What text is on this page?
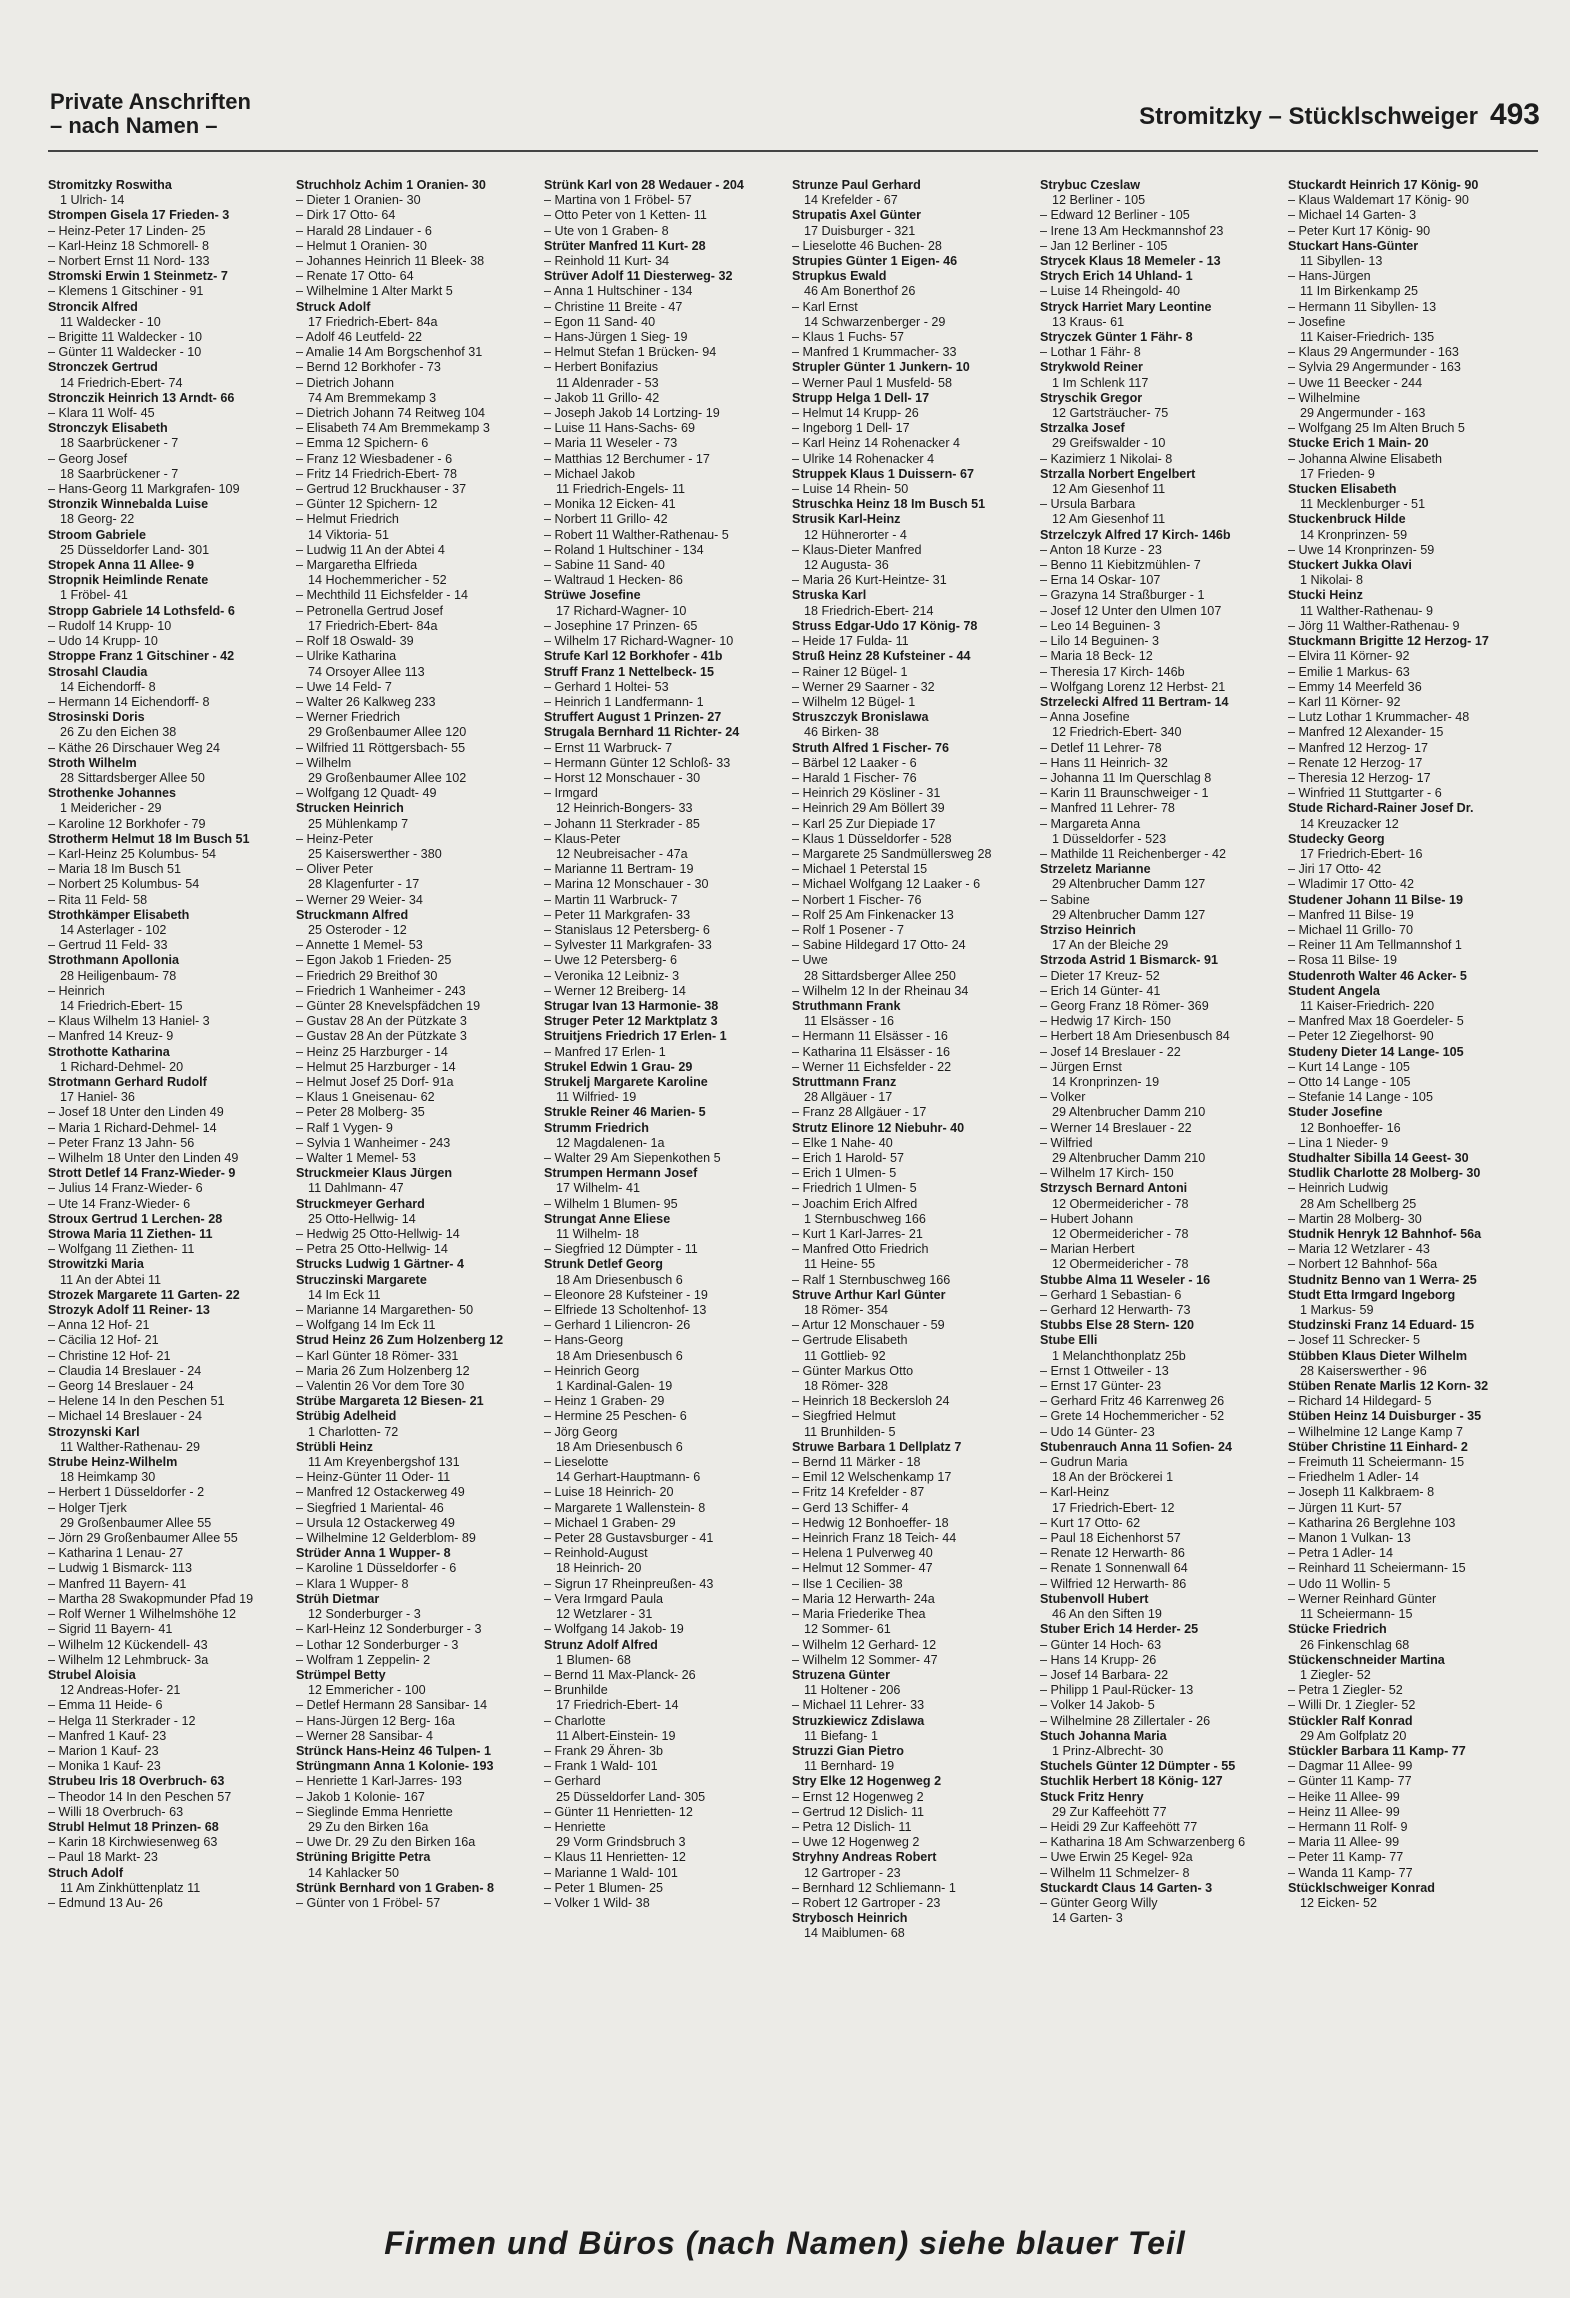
Private Anschriften
– nach Namen –	Stromitzky – Stücklschweiger 493
Stromitzky Roswitha
1 Ulrich- 14
Strompen Gisela 17 Frieden- 3
– Heinz-Peter 17 Linden- 25
– Karl-Heinz 18 Schmorell- 8
– Norbert Ernst 11 Nord- 133
Stromski Erwin 1 Steinmetz- 7
– Klemens 1 Gitschiner - 91
Stroncik Alfred
11 Waldecker - 10
– Brigitte 11 Waldecker - 10
– Günter 11 Waldecker - 10
Stronczek Gertrud
14 Friedrich-Ebert- 74
Stronczik Heinrich 13 Arndt- 66
– Klara 11 Wolf- 45
Stronczyk Elisabeth
18 Saarbrückener - 7
– Georg Josef
18 Saarbrückener - 7
– Hans-Georg 11 Markgrafen- 109
Stronzik Winnebalda Luise
18 Georg- 22
Stroom Gabriele
25 Düsseldorfer Land- 301
Stropek Anna 11 Allee- 9
Stropnik Heimlinde Renate
1 Fröbel- 41
Stropp Gabriele 14 Lothsfeld- 6
– Rudolf 14 Krupp- 10
– Udo 14 Krupp- 10
Stroppe Franz 1 Gitschiner - 42
Strosahl Claudia
14 Eichendorff- 8
– Hermann 14 Eichendorff- 8
Strosinski Doris
26 Zu den Eichen 38
– Käthe 26 Dirschauer Weg 24
Stroth Wilhelm
28 Sittardsberger Allee 50
Strothenke Johannes
1 Meidericher - 29
– Karoline 12 Borkhofer - 79
Strotherm Helmut 18 Im Busch 51
– Karl-Heinz 25 Kolumbus- 54
– Maria 18 Im Busch 51
– Norbert 25 Kolumbus- 54
– Rita 11 Feld- 58
Strothkämper Elisabeth
14 Asterlager - 102
– Gertrud 11 Feld- 33
Strothmann Apollonia
28 Heiligenbaum- 78
– Heinrich
14 Friedrich-Ebert- 15
– Klaus Wilhelm 13 Haniel- 3
– Manfred 14 Kreuz- 9
Strothotte Katharina
1 Richard-Dehmel- 20
Strotmann Gerhard Rudolf
17 Haniel- 36
– Josef 18 Unter den Linden 49
– Maria 1 Richard-Dehmel- 14
– Peter Franz 13 Jahn- 56
– Wilhelm 18 Unter den Linden 49
Strott Detlef 14 Franz-Wieder- 9
– Julius 14 Franz-Wieder- 6
– Ute 14 Franz-Wieder- 6
Stroux Gertrud 1 Lerchen- 28
Strowa Maria 11 Ziethen- 11
– Wolfgang 11 Ziethen- 11
Strowitzki Maria
11 An der Abtei 11
Strozek Margarete 11 Garten- 22
Strozyk Adolf 11 Reiner- 13
– Anna 12 Hof- 21
– Cäcilia 12 Hof- 21
– Christine 12 Hof- 21
– Claudia 14 Breslauer - 24
– Georg 14 Breslauer - 24
– Helene 14 In den Peschen 51
– Michael 14 Breslauer - 24
Strozynski Karl
11 Walther-Rathenau- 29
Strube Heinz-Wilhelm
18 Heimkamp 30
– Herbert 1 Düsseldorfer - 2
– Holger Tjerk
29 Großenbaumer Allee 55
– Jörn 29 Großenbaumer Allee 55
– Katharina 1 Lenau- 27
– Ludwig 1 Bismarck- 113
– Manfred 11 Bayern- 41
– Martha 28 Swakopmunder Pfad 19
– Rolf Werner 1 Wilhelmshöhe 12
– Sigrid 11 Bayern- 41
– Wilhelm 12 Kückendell- 43
– Wilhelm 12 Lehmbruck- 3a
Strubel Aloisia
12 Andreas-Hofer- 21
– Emma 11 Heide- 6
– Helga 11 Sterkrader - 12
– Manfred 1 Kauf- 23
– Marion 1 Kauf- 23
– Monika 1 Kauf- 23
Strubeu Iris 18 Overbruch- 63
– Theodor 14 In den Peschen 57
– Willi 18 Overbruch- 63
Strubl Helmut 18 Prinzen- 68
– Karin 18 Kirchwiesenweg 63
– Paul 18 Markt- 23
Struch Adolf
11 Am Zinkhüttenplatz 11
– Edmund 13 Au- 26
Struchholz Achim 1 Oranien- 30
– Dieter 1 Oranien- 30
– Dirk 17 Otto- 64
– Harald 28 Lindauer - 6
– Helmut 1 Oranien- 30
– Johannes Heinrich 11 Bleek- 38
– Renate 17 Otto- 64
– Wilhelmine 1 Alter Markt 5
Struck Adolf
17 Friedrich-Ebert- 84a
– Adolf 46 Leutfeld- 22
– Amalie 14 Am Borgschenhof 31
– Bernd 12 Borkhofer - 73
– Dietrich Johann
74 Am Bremmekamp 3
– Dietrich Johann 74 Reitweg 104
– Elisabeth 74 Am Bremmekamp 3
– Emma 12 Spichern- 6
– Franz 12 Wiesbadener - 6
– Fritz 14 Friedrich-Ebert- 78
– Gertrud 12 Bruckhauser - 37
– Günter 12 Spichern- 12
– Helmut Friedrich
14 Viktoria- 51
– Ludwig 11 An der Abtei 4
– Margaretha Elfrieda
14 Hochemmericher - 52
– Mechthild 11 Eichsfelder - 14
– Petronella Gertrud Josef
17 Friedrich-Ebert- 84a
– Rolf 18 Oswald- 39
– Ulrike Katharina
74 Orsoyer Allee 113
– Uwe 14 Feld- 7
– Walter 26 Kalkweg 233
– Werner Friedrich
29 Großenbaumer Allee 120
– Wilfried 11 Röttgersbach- 55
– Wilhelm
29 Großenbaumer Allee 102
– Wolfgang 12 Quadt- 49
Strucken Heinrich
25 Mühlenkamp 7
– Heinz-Peter
25 Kaiserswerther - 380
– Oliver Peter
28 Klagenfurter - 17
– Werner 29 Weier- 34
Struckmann Alfred
25 Osteroder - 12
– Annette 1 Memel- 53
– Egon Jakob 1 Frieden- 25
– Friedrich 29 Breithof 30
– Friedrich 1 Wanheimer - 243
– Günter 28 Knevelspfädchen 19
– Gustav 28 An der Pützkate 3
– Gustav 28 An der Pützkate 3
– Heinz 25 Harzburger - 14
– Helmut 25 Harzburger - 14
– Helmut Josef 25 Dorf- 91a
– Klaus 1 Gneisenau- 62
– Peter 28 Molberg- 35
– Ralf 1 Vygen- 9
– Sylvia 1 Wanheimer - 243
– Walter 1 Memel- 53
Struckmeier Klaus Jürgen
11 Dahlmann- 47
Struckmeyer Gerhard
25 Otto-Hellwig- 14
– Hedwig 25 Otto-Hellwig- 14
– Petra 25 Otto-Hellwig- 14
Strucks Ludwig 1 Gärtner- 4
Struczinski Margarete
14 Im Eck 11
– Marianne 14 Margarethen- 50
– Wolfgang 14 Im Eck 11
Strud Heinz 26 Zum Holzenberg 12
– Karl Günter 18 Römer- 331
– Maria 26 Zum Holzenberg 12
– Valentin 26 Vor dem Tore 30
Strübe Margareta 12 Biesen- 21
Strübig Adelheid
1 Charlotten- 72
Strübli Heinz
11 Am Kreyenbergshof 131
– Heinz-Günter 11 Oder- 11
– Manfred 12 Ostackerweg 49
– Siegfried 1 Mariental- 46
– Ursula 12 Ostackerweg 49
– Wilhelmine 12 Gelderblom- 89
Strüder Anna 1 Wupper- 8
– Karoline 1 Düsseldorfer - 6
– Klara 1 Wupper- 8
Strüh Dietmar
12 Sonderburger - 3
– Karl-Heinz 12 Sonderburger - 3
– Lothar 12 Sonderburger - 3
– Wolfram 1 Zeppelin- 2
Strümpel Betty
12 Emmericher - 100
– Detlef Hermann 28 Sansibar- 14
– Hans-Jürgen 12 Berg- 16a
– Werner 28 Sansibar- 4
Strünck Hans-Heinz 46 Tulpen- 1
Strüngmann Anna 1 Kolonie- 193
– Henriette 1 Karl-Jarres- 193
– Jakob 1 Kolonie- 167
– Sieglinde Emma Henriette
29 Zu den Birken 16a
– Uwe Dr. 29 Zu den Birken 16a
Strüning Brigitte Petra
14 Kahlacker 50
Strünk Bernhard von 1 Graben- 8
– Günter von 1 Fröbel- 57
Strünk Karl von 28 Wedauer - 204
– Martina von 1 Fröbel- 57
– Otto Peter von 1 Ketten- 11
– Ute von 1 Graben- 8
Strüter Manfred 11 Kurt- 28
– Reinhold 11 Kurt- 34
Strüver Adolf 11 Diesterweg- 32
– Anna 1 Hultschiner - 134
– Christine 11 Breite - 47
– Egon 11 Sand- 40
– Hans-Jürgen 1 Sieg- 19
– Helmut Stefan 1 Brücken- 94
– Herbert Bonifazius
11 Aldenrader - 53
– Jakob 11 Grillo- 42
– Joseph Jakob 14 Lortzing- 19
– Luise 11 Hans-Sachs- 69
– Maria 11 Weseler - 73
– Matthias 12 Berchumer - 17
– Michael Jakob
11 Friedrich-Engels- 11
– Monika 12 Eicken- 41
– Norbert 11 Grillo- 42
– Robert 11 Walther-Rathenau- 5
– Roland 1 Hultschiner - 134
– Sabine 11 Sand- 40
– Waltraud 1 Hecken- 86
Strüwe Josefine
17 Richard-Wagner- 10
– Josephine 17 Prinzen- 65
– Wilhelm 17 Richard-Wagner- 10
Strufe Karl 12 Borkhofer - 41b
Struff Franz 1 Nettelbeck- 15
– Gerhard 1 Holtei- 53
– Heinrich 1 Landfermann- 1
Struffert August 1 Prinzen- 27
Strugala Bernhard 11 Richter- 24
– Ernst 11 Warbruck- 7
– Hermann Günter 12 Schloß- 33
– Horst 12 Monschauer - 30
– Irmgard
12 Heinrich-Bongers- 33
– Johann 11 Sterkrader - 85
– Klaus-Peter
12 Neubreisacher - 47a
– Marianne 11 Bertram- 19
– Marina 12 Monschauer - 30
– Martin 11 Warbruck- 7
– Peter 11 Markgrafen- 33
– Stanislaus 12 Petersberg- 6
– Sylvester 11 Markgrafen- 33
– Uwe 12 Petersberg- 6
– Veronika 12 Leibniz- 3
– Werner 12 Breiberg- 14
Strugar Ivan 13 Harmonie- 38
Struger Peter 12 Marktplatz 3
Struitjens Friedrich 17 Erlen- 1
– Manfred 17 Erlen- 1
Strukel Edwin 1 Grau- 29
Strukelj Margarete Karoline
11 Wilfried- 19
Strukle Reiner 46 Marien- 5
Strumm Friedrich
12 Magdalenen- 1a
– Walter 29 Am Siepenkothen 5
Strumpen Hermann Josef
17 Wilhelm- 41
– Wilhelm 1 Blumen- 95
Strungat Anne Eliese
11 Wilhelm- 18
– Siegfried 12 Dümpter - 11
Strunk Detlef Georg
18 Am Driesenbusch 6
– Eleonore 28 Kufsteiner - 19
– Elfriede 13 Scholtenhof- 13
– Gerhard 1 Liliencron- 26
– Hans-Georg
18 Am Driesenbusch 6
– Heinrich Georg
1 Kardinal-Galen- 19
– Heinz 1 Graben- 29
– Hermine 25 Peschen- 6
– Jörg Georg
18 Am Driesenbusch 6
– Lieselotte
14 Gerhart-Hauptmann- 6
– Luise 18 Heinrich- 20
– Margarete 1 Wallenstein- 8
– Michael 1 Graben- 29
– Peter 28 Gustavsburger - 41
– Reinhold-August
18 Heinrich- 20
– Sigrun 17 Rheinpreußen- 43
– Vera Irmgard Paula
12 Wetzlarer - 31
– Wolfgang 14 Jakob- 19
Strunz Adolf Alfred
1 Blumen- 68
– Bernd 11 Max-Planck- 26
– Brunhilde
17 Friedrich-Ebert- 14
– Charlotte
11 Albert-Einstein- 19
– Frank 29 Ähren- 3b
– Frank 1 Wald- 101
– Gerhard
25 Düsseldorfer Land- 305
– Günter 11 Henrietten- 12
– Henriette
29 Vorm Grindsbruch 3
– Klaus 11 Henrietten- 12
– Marianne 1 Wald- 101
– Peter 1 Blumen- 25
– Volker 1 Wild- 38
Strunze Paul Gerhard
14 Krefelder - 67
Strupatis Axel Günter
17 Duisburger - 321
– Lieselotte 46 Buchen- 28
Strupies Günter 1 Eigen- 46
Strupkus Ewald
46 Am Bonerthof 26
– Karl Ernst
14 Schwarzenberger - 29
– Klaus 1 Fuchs- 57
– Manfred 1 Krummacher- 33
Strupler Günter 1 Junkern- 10
– Werner Paul 1 Musfeld- 58
Strupp Helga 1 Dell- 17
– Helmut 14 Krupp- 26
– Ingeborg 1 Dell- 17
– Karl Heinz 14 Rohenacker 4
– Ulrike 14 Rohenacker 4
Struppek Klaus 1 Duissern- 67
– Luise 14 Rhein- 50
Struschka Heinz 18 Im Busch 51
Strusik Karl-Heinz
12 Hühnerorter - 4
– Klaus-Dieter Manfred
12 Augusta- 36
– Maria 26 Kurt-Heintze- 31
Struska Karl
18 Friedrich-Ebert- 214
Struss Edgar-Udo 17 König- 78
– Heide 17 Fulda- 11
Struß Heinz 28 Kufsteiner - 44
– Rainer 12 Bügel- 1
– Werner 29 Saarner - 32
– Wilhelm 12 Bügel- 1
Struszczyk Bronislawa
46 Birken- 38
Struth Alfred 1 Fischer- 76
– Bärbel 12 Laaker - 6
– Harald 1 Fischer- 76
– Heinrich 29 Kösliner - 31
– Heinrich 29 Am Böllert 39
– Karl 25 Zur Diepiade 17
– Klaus 1 Düsseldorfer - 528
– Margarete 25 Sandmüllersweg 28
– Michael 1 Peterstal 15
– Michael Wolfgang 12 Laaker - 6
– Norbert 1 Fischer- 76
– Rolf 25 Am Finkenacker 13
– Rolf 1 Posener - 7
– Sabine Hildegard 17 Otto- 24
– Uwe
28 Sittardsberger Allee 250
– Wilhelm 12 In der Rheinau 34
Struthmann Frank
11 Elsässer - 16
– Hermann 11 Elsässer - 16
– Katharina 11 Elsässer - 16
– Werner 11 Eichsfelder - 22
Struttmann Franz
28 Allgäuer - 17
– Franz 28 Allgäuer - 17
Strutz Elinore 12 Niebuhr- 40
– Elke 1 Nahe- 40
– Erich 1 Harold- 57
– Erich 1 Ulmen- 5
– Friedrich 1 Ulmen- 5
– Joachim Erich Alfred
1 Sternbuschweg 166
– Kurt 1 Karl-Jarres- 21
– Manfred Otto Friedrich
11 Heine- 55
– Ralf 1 Sternbuschweg 166
Struve Arthur Karl Günter
18 Römer- 354
– Artur 12 Monschauer - 59
– Gertrude Elisabeth
11 Gottlieb- 92
– Günter Markus Otto
18 Römer- 328
– Heinrich 18 Beckersloh 24
– Siegfried Helmut
11 Brunhilden- 5
Struwe Barbara 1 Dellplatz 7
– Bernd 11 Märker - 18
– Emil 12 Welschenkamp 17
– Fritz 14 Krefelder - 87
– Gerd 13 Schiffer- 4
– Hedwig 12 Bonhoeffer- 18
– Heinrich Franz 18 Teich- 44
– Helena 1 Pulverweg 40
– Helmut 12 Sommer- 47
– Ilse 1 Cecilien- 38
– Maria 12 Herwarth- 24a
– Maria Friederike Thea
12 Sommer- 61
– Wilhelm 12 Gerhard- 12
– Wilhelm 12 Sommer- 47
Struzena Günter
11 Holtener - 206
– Michael 11 Lehrer- 33
Struzkiewicz Zdislawa
11 Biefang- 1
Struzzi Gian Pietro
11 Bernhard- 19
Stry Elke 12 Hogenweg 2
– Ernst 12 Hogenweg 2
– Gertrud 12 Dislich- 11
– Petra 12 Dislich- 11
– Uwe 12 Hogenweg 2
Stryhny Andreas Robert
12 Gartroper - 23
– Bernhard 12 Schliemann- 1
– Robert 12 Gartroper - 23
Strybosch Heinrich
14 Maiblumen- 68
Strybuc Czeslaw
12 Berliner - 105
– Edward 12 Berliner - 105
– Irene 13 Am Heckmannshof 23
– Jan 12 Berliner - 105
Strycek Klaus 18 Memeler - 13
Strych Erich 14 Uhland- 1
– Luise 14 Rheingold- 40
Stryck Harriet Mary Leontine
13 Kraus- 61
Stryczek Günter 1 Fähr- 8
– Lothar 1 Fähr- 8
Strykwold Reiner
1 Im Schlenk 117
Stryschik Gregor
12 Gartsträucher- 75
Strzalka Josef
29 Greifswalder - 10
– Kazimierz 1 Nikolai- 8
Strzalla Norbert Engelbert
12 Am Giesenhof 11
– Ursula Barbara
12 Am Giesenhof 11
Strzelczyk Alfred 17 Kirch- 146b
– Anton 18 Kurze - 23
– Benno 11 Kiebitzmühlen- 7
– Erna 14 Oskar- 107
– Grazyna 14 Straßburger - 1
– Josef 12 Unter den Ulmen 107
– Leo 14 Beguinen- 3
– Lilo 14 Beguinen- 3
– Maria 18 Beck- 12
– Theresia 17 Kirch- 146b
– Wolfgang Lorenz 12 Herbst- 21
Strzelecki Alfred 11 Bertram- 14
– Anna Josefine
12 Friedrich-Ebert- 340
– Detlef 11 Lehrer- 78
– Hans 11 Heinrich- 32
– Johanna 11 Im Querschlag 8
– Karin 11 Braunschweiger - 1
– Manfred 11 Lehrer- 78
– Margareta Anna
1 Düsseldorfer - 523
– Mathilde 11 Reichenberger - 42
Strzeletz Marianne
29 Altenbrucher Damm 127
– Sabine
29 Altenbrucher Damm 127
Strziso Heinrich
17 An der Bleiche 29
Strzoda Astrid 1 Bismarck- 91
– Dieter 17 Kreuz- 52
– Erich 14 Günter- 41
– Georg Franz 18 Römer- 369
– Hedwig 17 Kirch- 150
– Herbert 18 Am Driesenbusch 84
– Josef 14 Breslauer - 22
– Jürgen Ernst
14 Kronprinzen- 19
– Volker
29 Altenbrucher Damm 210
– Werner 14 Breslauer - 22
– Wilfried
29 Altenbrucher Damm 210
– Wilhelm 17 Kirch- 150
Strzysch Bernard Antoni
12 Obermeidericher - 78
– Hubert Johann
12 Obermeidericher - 78
– Marian Herbert
12 Obermeidericher - 78
Stubbe Alma 11 Weseler - 16
– Gerhard 1 Sebastian- 6
– Gerhard 12 Herwarth- 73
Stubbs Else 28 Stern- 120
Stube Elli
1 Melanchthonplatz 25b
– Ernst 1 Ottweiler - 13
– Ernst 17 Günter- 23
– Gerhard Fritz 46 Karrenweg 26
– Grete 14 Hochemmericher - 52
– Udo 14 Günter- 23
Stubenrauch Anna 11 Sofien- 24
– Gudrun Maria
18 An der Bröckerei 1
– Karl-Heinz
17 Friedrich-Ebert- 12
– Kurt 17 Otto- 62
– Paul 18 Eichenhorst 57
– Renate 12 Herwarth- 86
– Renate 1 Sonnenwall 64
– Wilfried 12 Herwarth- 86
Stubenvoll Hubert
46 An den Siften 19
Stuber Erich 14 Herder- 25
– Günter 14 Hoch- 63
– Hans 14 Krupp- 26
– Josef 14 Barbara- 22
– Philipp 1 Paul-Rücker- 13
– Volker 14 Jakob- 5
– Wilhelmine 28 Zillertaler - 26
Stuch Johanna Maria
1 Prinz-Albrecht- 30
Stuchels Günter 12 Dümpter - 55
Stuchlik Herbert 18 König- 127
Stuck Fritz Henry
29 Zur Kaffeehött 77
– Heidi 29 Zur Kaffeehött 77
– Katharina 18 Am Schwarzenberg 6
– Uwe Erwin 25 Kegel- 92a
– Wilhelm 11 Schmelzer- 8
Stuckardt Claus 14 Garten- 3
– Günter Georg Willy
14 Garten- 3
Stuckardt Heinrich 17 König- 90
– Klaus Waldemart 17 König- 90
– Michael 14 Garten- 3
– Peter Kurt 17 König- 90
Stuckart Hans-Günter
11 Sibyllen- 13
– Hans-Jürgen
11 Im Birkenkamp 25
– Hermann 11 Sibyllen- 13
– Josefine
11 Kaiser-Friedrich- 135
– Klaus 29 Angermunder - 163
– Sylvia 29 Angermunder - 163
– Uwe 11 Beecker - 244
– Wilhelmine
29 Angermunder - 163
– Wolfgang 25 Im Alten Bruch 5
Stucke Erich 1 Main- 20
– Johanna Alwine Elisabeth
17 Frieden- 9
Stucken Elisabeth
11 Mecklenburger - 51
Stuckenbruck Hilde
14 Kronprinzen- 59
– Uwe 14 Kronprinzen- 59
Stuckert Jukka Olavi
1 Nikolai- 8
Stucki Heinz
11 Walther-Rathenau- 9
– Jörg 11 Walther-Rathenau- 9
Stuckmann Brigitte 12 Herzog- 17
– Elvira 11 Körner- 92
– Emilie 1 Markus- 63
– Emmy 14 Meerfeld 36
– Karl 11 Körner- 92
– Lutz Lothar 1 Krummacher- 48
– Manfred 12 Alexander- 15
– Manfred 12 Herzog- 17
– Renate 12 Herzog- 17
– Theresia 12 Herzog- 17
– Winfried 11 Stuttgarter - 6
Stude Richard-Rainer Josef Dr.
14 Kreuzacker 12
Studecky Georg
17 Friedrich-Ebert- 16
– Jiri 17 Otto- 42
– Wladimir 17 Otto- 42
Studener Johann 11 Bilse- 19
– Manfred 11 Bilse- 19
– Michael 11 Grillo- 70
– Reiner 11 Am Tellmannshof 1
– Rosa 11 Bilse- 19
Studenroth Walter 46 Acker- 5
Student Angela
11 Kaiser-Friedrich- 220
– Manfred Max 18 Goerdeler- 5
– Peter 12 Ziegelhorst- 90
Studeny Dieter 14 Lange- 105
– Kurt 14 Lange - 105
– Otto 14 Lange - 105
– Stefanie 14 Lange - 105
Studer Josefine
12 Bonhoeffer- 16
– Lina 1 Nieder- 9
Studhalter Sibilla 14 Geest- 30
Studlik Charlotte 28 Molberg- 30
– Heinrich Ludwig
28 Am Schellberg 25
– Martin 28 Molberg- 30
Studnik Henryk 12 Bahnhof- 56a
– Maria 12 Wetzlarer - 43
– Norbert 12 Bahnhof- 56a
Studnitz Benno van 1 Werra- 25
Studt Etta Irmgard Ingeborg
1 Markus- 59
Studzinski Franz 14 Eduard- 15
– Josef 11 Schrecker- 5
Stübben Klaus Dieter Wilhelm
28 Kaiserswerther - 96
Stüben Renate Marlis 12 Korn- 32
– Richard 14 Hildegard- 5
Stüben Heinz 14 Duisburger - 35
– Wilhelmine 12 Lange Kamp 7
Stüber Christine 11 Einhard- 2
– Freimuth 11 Scheiermann- 15
– Friedhelm 1 Adler- 14
– Joseph 11 Kalkbraem- 8
– Jürgen 11 Kurt- 57
– Katharina 26 Berglehne 103
– Manon 1 Vulkan- 13
– Petra 1 Adler- 14
– Reinhard 11 Scheiermann- 15
– Udo 11 Wollin- 5
– Werner Reinhard Günter
11 Scheiermann- 15
Stücke Friedrich
26 Finkenschlag 68
Stückenschneider Martina
1 Ziegler- 52
– Petra 1 Ziegler- 52
– Willi Dr. 1 Ziegler- 52
Stückler Ralf Konrad
29 Am Golfplatz 20
Stückler Barbara 11 Kamp- 77
– Dagmar 11 Allee- 99
– Günter 11 Kamp- 77
– Heike 11 Allee- 99
– Heinz 11 Allee- 99
– Hermann 11 Rolf- 9
– Maria 11 Allee- 99
– Peter 11 Kamp- 77
– Wanda 11 Kamp- 77
Stücklschweiger Konrad
12 Eicken- 52
Firmen und Büros (nach Namen) siehe blauer Teil
